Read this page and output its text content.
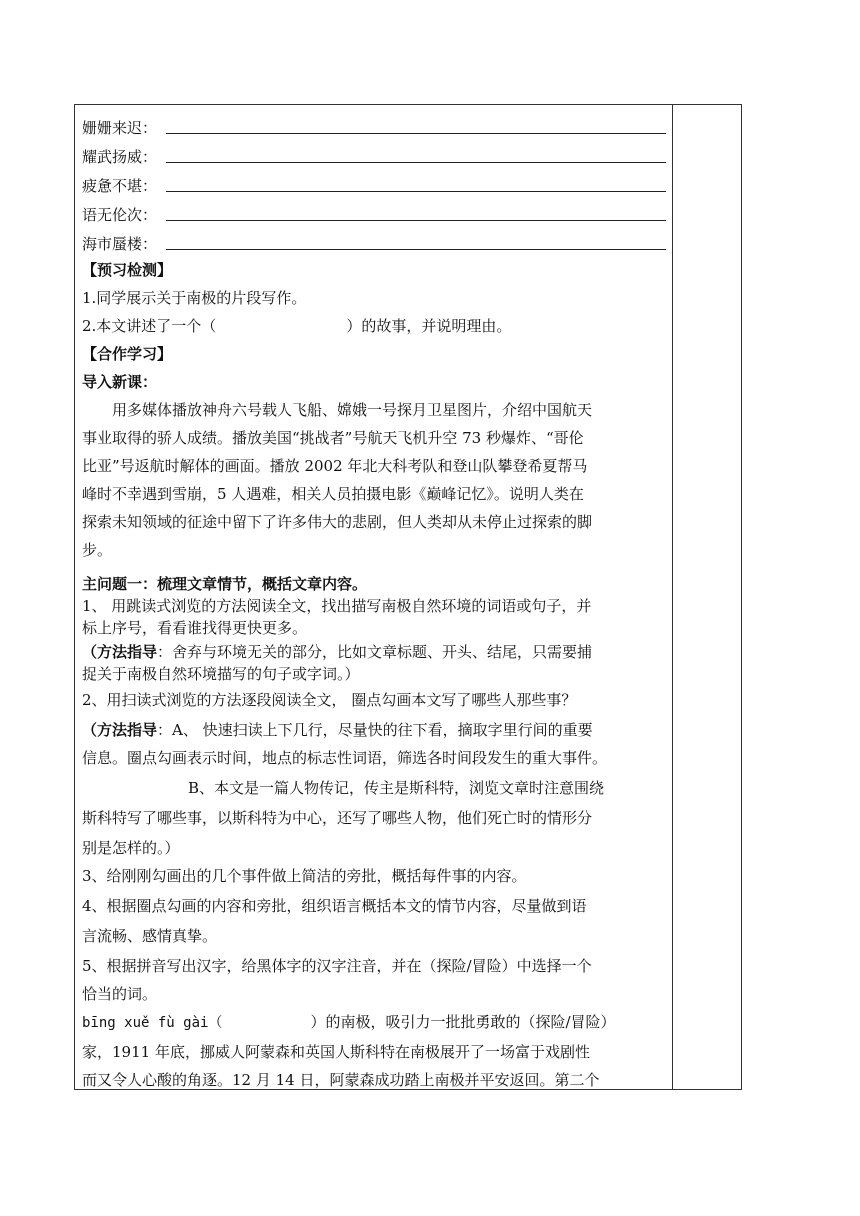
姗姗来迟：
耀武扬威：
疲惫不堪：
语无伦次：
海市蜃楼：
【预习检测】
1.同学展示关于南极的片段写作。
2.本文讲述了一个（	）的故事，并说明理由。
【合作学习】
导入新课：
用多媒体播放神舟六号载人飞船、嫦娥一号探月卫星图片，介绍中国航天
事业取得的骄人成绩。播放美国“挑战者”号航天飞机升空 73 秒爆炸、“哥伦
比亚”号返航时解体的画面。播放 2002 年北大科考队和登山队攀登希夏帮马
峰时不幸遇到雪崩，5 人遇难，相关人员拍摄电影《巅峰记忆》。说明人类在
探索未知领域的征途中留下了许多伟大的悲剧，但人类却从未停止过探索的脚
步。
主问题一：梳理文章情节，概括文章内容。
1、 用跳读式浏览的方法阅读全文，找出描写南极自然环境的词语或句子，并
标上序号，看看谁找得更快更多。
（方法指导：舍弃与环境无关的部分，比如文章标题、开头、结尾，只需要捕
捉关于南极自然环境描写的句子或字词。）
2、用扫读式浏览的方法逐段阅读全文， 圈点勾画本文写了哪些人那些事？
（方法指导：A、 快速扫读上下几行，尽量快的往下看，摘取字里行间的重要
信息。圈点勾画表示时间，地点的标志性词语，筛选各时间段发生的重大事件。
B、本文是一篇人物传记，传主是斯科特，浏览文章时注意围绕
斯科特写了哪些事，以斯科特为中心，还写了哪些人物，他们死亡时的情形分
别是怎样的。）
3、给刚刚勾画出的几个事件做上简洁的旁批，概括每件事的内容。
4、根据圈点勾画的内容和旁批，组织语言概括本文的情节内容，尽量做到语
言流畅、感情真挚。
5、根据拼音写出汉字，给黑体字的汉字注音，并在（探险/冒险）中选择一个
恰当的词。
bīng xuě fù gài（	）的南极，吸引力一批批勇敢的（探险/冒险）
家，1911 年底，挪威人阿蒙森和英国人斯科特在南极展开了一场富于戏剧性
而又令人心酸的角逐。12 月 14 日，阿蒙森成功踏上南极并平安返回。第二个
